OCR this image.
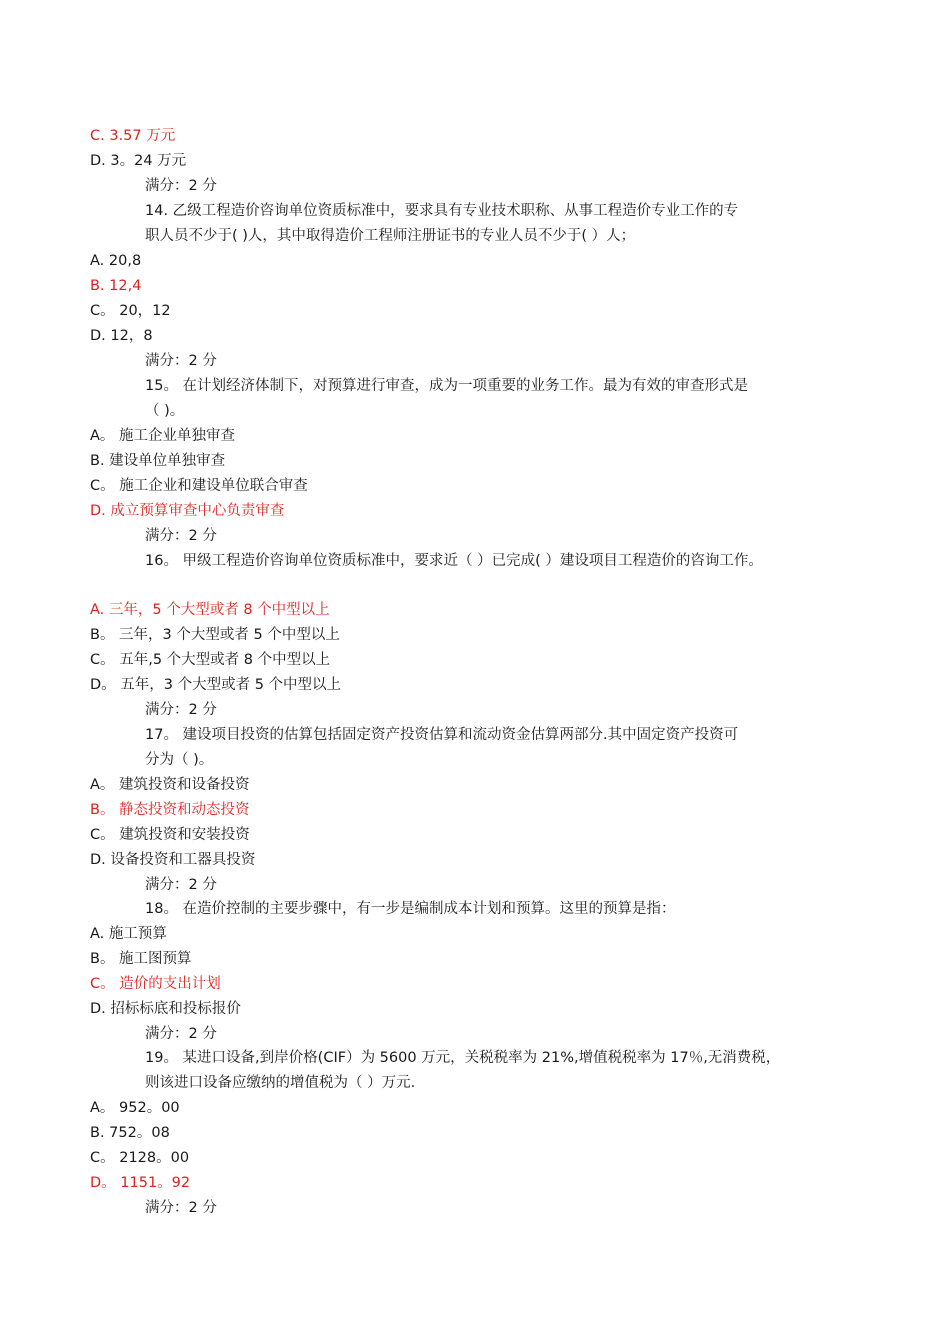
C. 3.57 万元
D. 3。24 万元
满分：2 分
14. 乙级工程造价咨询单位资质标准中，要求具有专业技术职称、从事工程造价专业工作的专
职人员不少于( )人，其中取得造价工程师注册证书的专业人员不少于( ）人；
A. 20,8
B. 12,4
C。 20，12
D. 12，8
满分：2 分
15。 在计划经济体制下，对预算进行审查，成为一项重要的业务工作。最为有效的审查形式是
（ )。
A。 施工企业单独审查
B. 建设单位单独审查
C。 施工企业和建设单位联合审查
D. 成立预算审查中心负责审查
满分：2 分
16。 甲级工程造价咨询单位资质标准中，要求近（ ）已完成( ）建设项目工程造价的咨询工作。
A. 三年，5 个大型或者 8 个中型以上
B。 三年，3 个大型或者 5 个中型以上
C。 五年,5 个大型或者 8 个中型以上
D。 五年，3 个大型或者 5 个中型以上
满分：2 分
17。 建设项目投资的估算包括固定资产投资估算和流动资金估算两部分.其中固定资产投资可
分为（ )。
A。 建筑投资和设备投资
B。 静态投资和动态投资
C。 建筑投资和安装投资
D. 设备投资和工器具投资
满分：2 分
18。 在造价控制的主要步骤中，有一步是编制成本计划和预算。这里的预算是指：
A. 施工预算
B。 施工图预算
C。 造价的支出计划
D. 招标标底和投标报价
满分：2 分
19。 某进口设备,到岸价格(CIF）为 5600 万元，关税税率为 21%,增值税税率为 17％,无消费税，
则该进口设备应缴纳的增值税为（ ）万元.
A。 952。00
B. 752。08
C。 2128。00
D。 1151。92
满分：2 分
